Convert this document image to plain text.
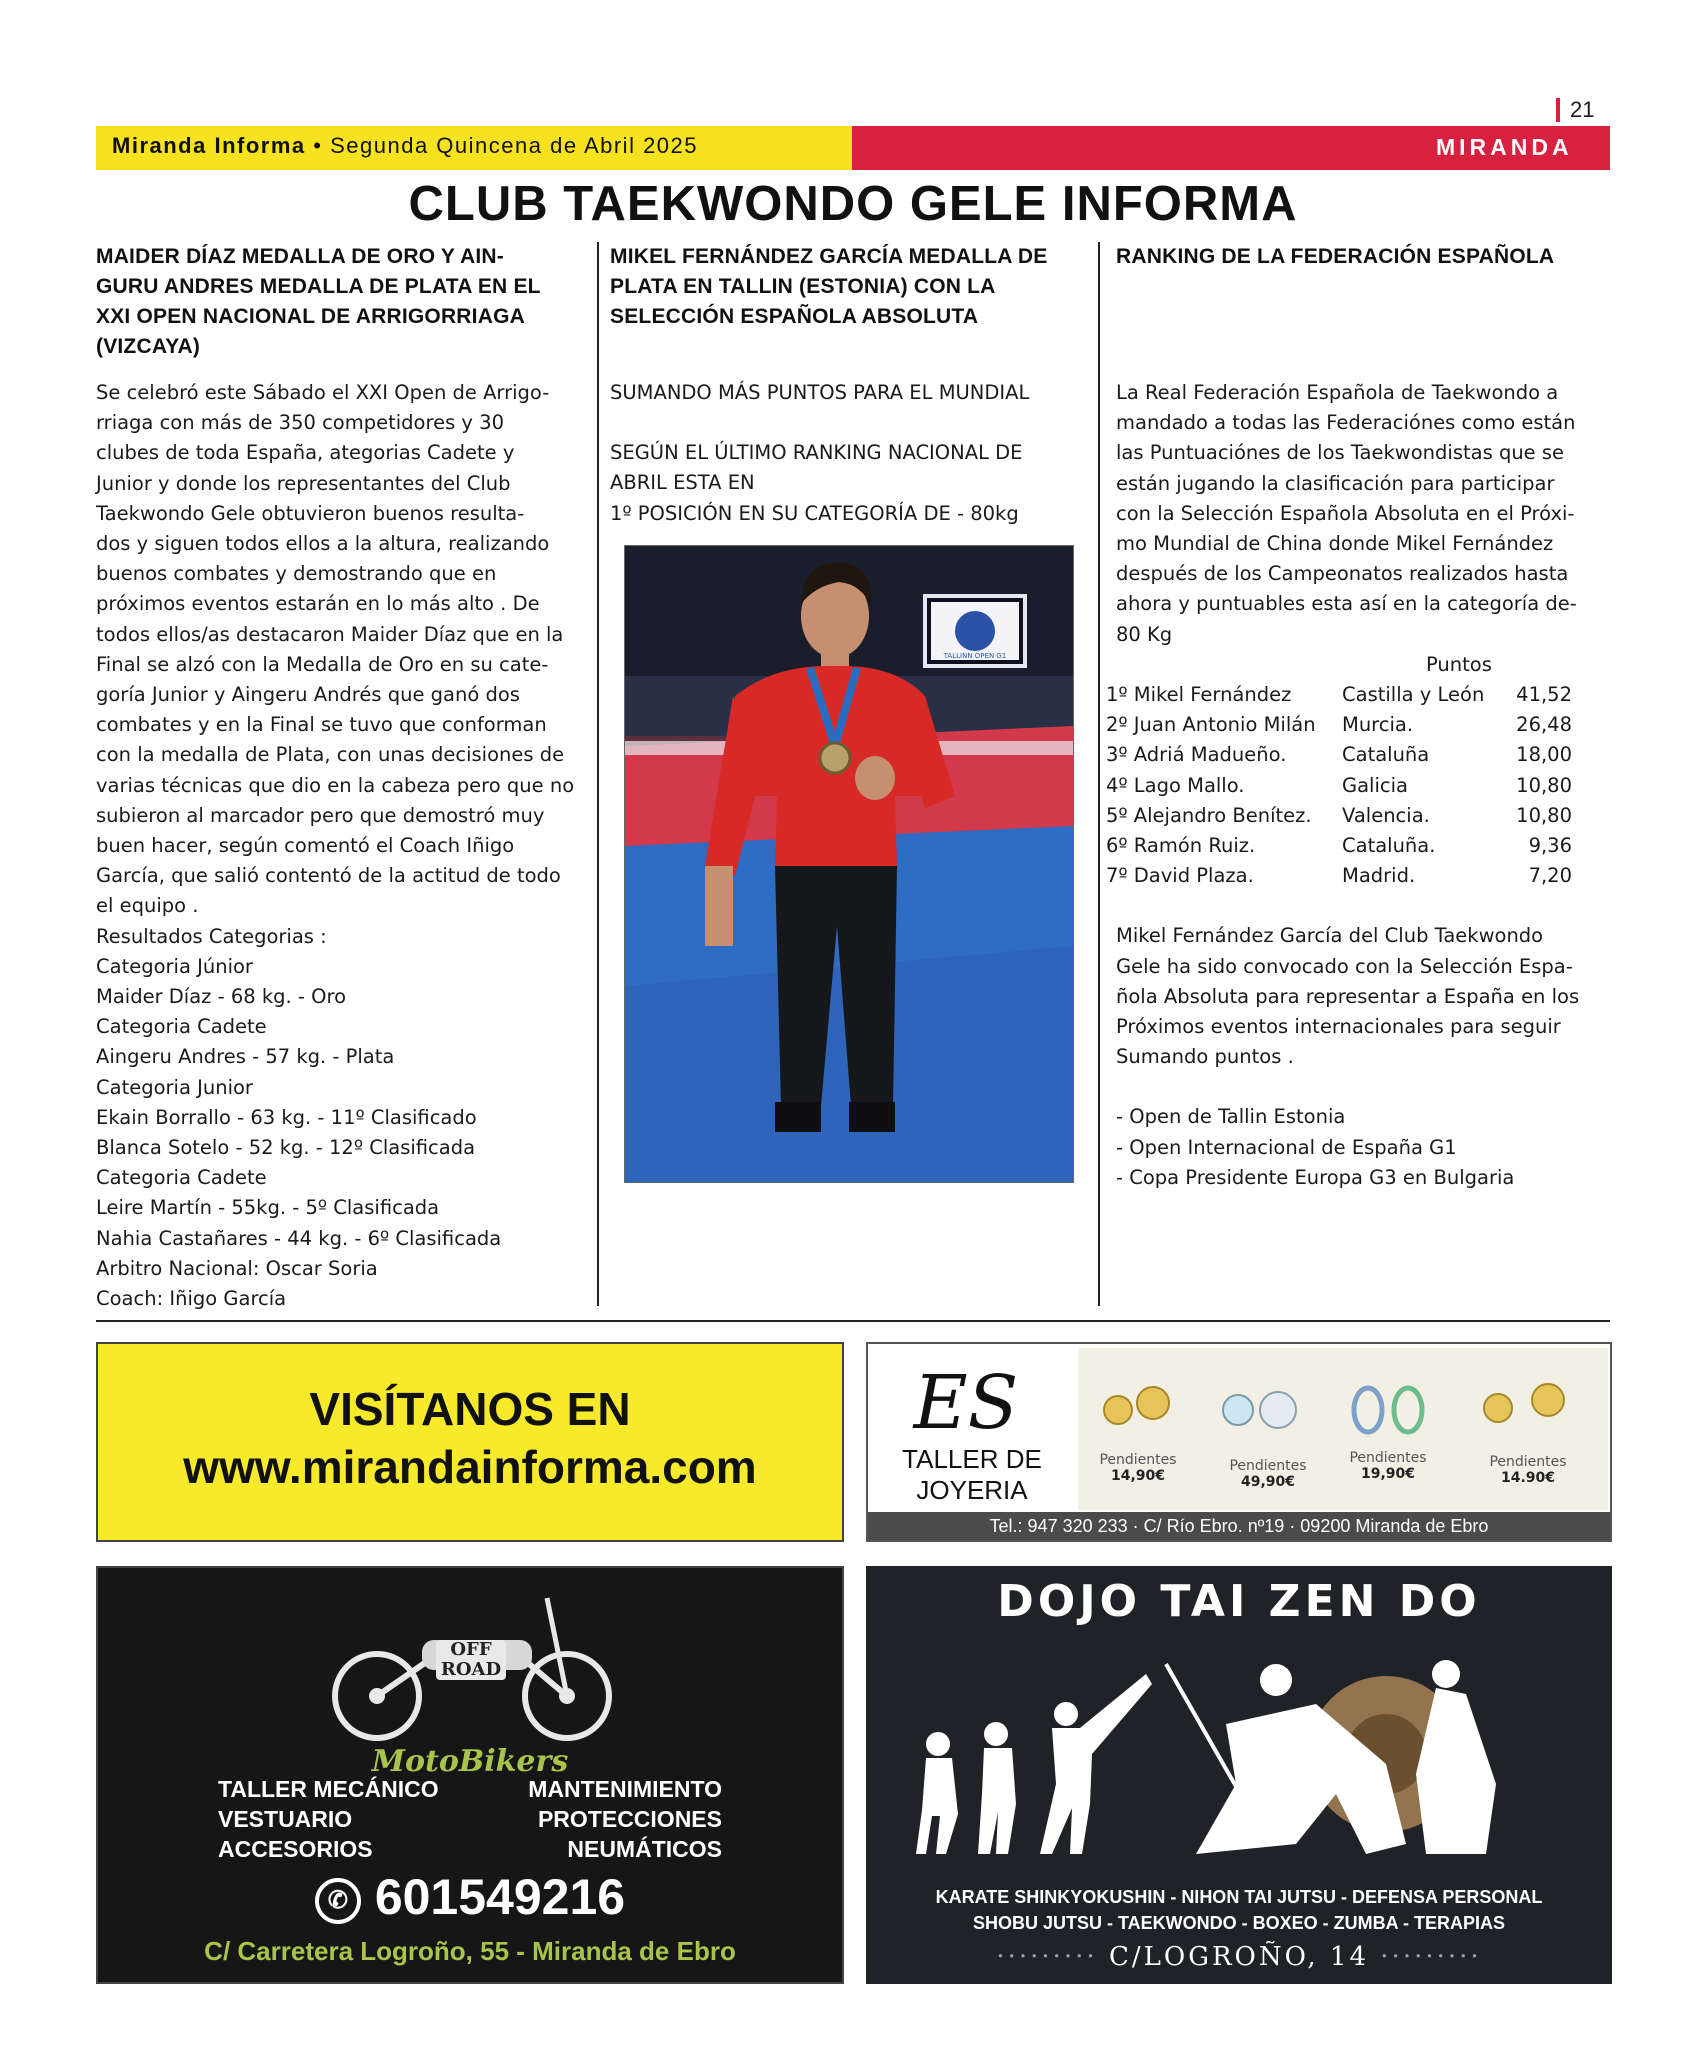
21
Miranda Informa • Segunda Quincena de Abril 2025	MIRANDA
CLUB TAEKWONDO GELE INFORMA
MAIDER DÍAZ MEDALLA DE ORO Y AIN-
GURU ANDRES MEDALLA DE PLATA EN EL
XXI OPEN NACIONAL DE ARRIGORRIAGA
(VIZCAYA)

Se celebró este Sábado el XXI Open de Arrigo-

rriaga con más de 350 competidores y 30

clubes de toda España, ategorias Cadete y

Junior y donde los representantes del Club

Taekwondo Gele obtuvieron buenos resulta-

dos y siguen todos ellos a la altura, realizando

buenos combates y demostrando que en

próximos eventos estarán en lo más alto . De

todos ellos/as destacaron Maider Díaz que en la

Final se alzó con la Medalla de Oro en su cate-

goría Junior y Aingeru Andrés que ganó dos

combates y en la Final se tuvo que conforman

con la medalla de Plata, con unas decisiones de

varias técnicas que dio en la cabeza pero que no

subieron al marcador pero que demostró muy

buen hacer, según comentó el Coach Iñigo

García, que salió contentó de la actitud de todo

el equipo .

Resultados Categorias :

Categoria Júnior

Maider Díaz - 68 kg. - Oro

Categoria Cadete

Aingeru Andres - 57 kg. - Plata

Categoria Junior

Ekain Borrallo - 63 kg. - 11º Clasificado

Blanca Sotelo - 52 kg. - 12º Clasificada

Categoria Cadete

Leire Martín - 55kg. - 5º Clasificada

Nahia Castañares - 44 kg. - 6º Clasificada

Arbitro Nacional: Oscar Soria

Coach: Iñigo García

MIKEL FERNÁNDEZ GARCÍA MEDALLA DE
PLATA EN TALLIN (ESTONIA) CON LA
SELECCIÓN ESPAÑOLA ABSOLUTA

SUMANDO MÁS PUNTOS PARA EL MUNDIAL

SEGÚN EL ÚLTIMO RANKING NACIONAL DE

ABRIL ESTA EN

1º POSICIÓN EN SU CATEGORÍA DE - 80kg

TALLINN OPEN G1
RANKING DE LA FEDERACIÓN ESPAÑOLA

La Real Federación Española de Taekwondo a

mandado a todas las Federaciónes como están

las Puntuaciónes de los Taekwondistas que se

están jugando la clasificación para participar

con la Selección Española Absoluta en el Próxi-

mo Mundial de China donde Mikel Fernández

después de los Campeonatos realizados hasta

ahora y puntuables esta así en la categoría de-

80 Kg

Puntos

1º Mikel Fernández	Castilla y León	41,52
2º Juan Antonio Milán	Murcia.	26,48
3º Adriá Madueño.	Cataluña	18,00
4º Lago Mallo.	Galicia	10,80
5º Alejandro Benítez.	Valencia.	10,80
6º Ramón Ruiz.	Cataluña.	9,36
7º David Plaza.	Madrid.	7,20

Mikel Fernández García del Club Taekwondo

Gele ha sido convocado con la Selección Espa-

ñola Absoluta para representar a España en los

Próximos eventos internacionales para seguir

Sumando puntos .

- Open de Tallin Estonia

- Open Internacional de España G1

- Copa Presidente Europa G3 en Bulgaria

VISÍTANOS EN
www.mirandainforma.com
ES
TALLER DE
JOYERIA
Pendientes
14,90€
Pendientes
49,90€
Pendientes
19,90€
Pendientes
14.90€
Tel.: 947 320 233 · C/ Río Ebro. nº19 · 09200 Miranda de Ebro
OFF
ROAD
MotoBikers
TALLER MECÁNICO
VESTUARIO
ACCESORIOS
MANTENIMIENTO
PROTECCIONES
NEUMÁTICOS
✆ 601549216
C/ Carretera Logroño, 55 - Miranda de Ebro
DOJO TAI ZEN DO
KARATE SHINKYOKUSHIN - NIHON TAI JUTSU - DEFENSA PERSONAL
SHOBU JUTSU - TAEKWONDO - BOXEO - ZUMBA - TERAPIAS
········· C/LOGROÑO, 14 ·········
